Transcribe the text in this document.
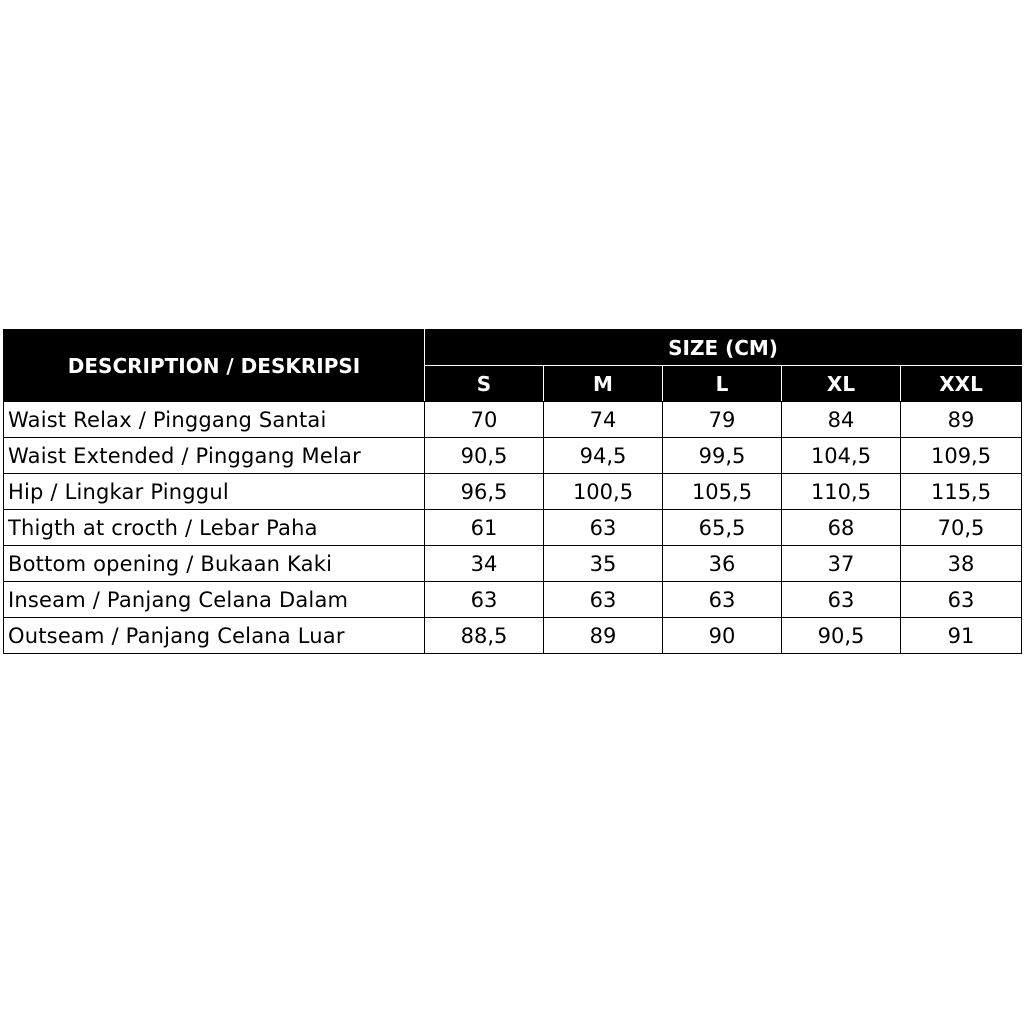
DESCRIPTION / DESKRIPSI	SIZE (CM)				
	S	M	L	XL	XXL
Waist Relax / Pinggang Santai	70	74	79	84	89
Waist Extended / Pinggang Melar	90,5	94,5	99,5	104,5	109,5
Hip / Lingkar Pinggul	96,5	100,5	105,5	110,5	115,5
Thigth at crocth / Lebar Paha	61	63	65,5	68	70,5
Bottom opening / Bukaan Kaki	34	35	36	37	38
Inseam / Panjang Celana Dalam	63	63	63	63	63
Outseam / Panjang Celana Luar	88,5	89	90	90,5	91
